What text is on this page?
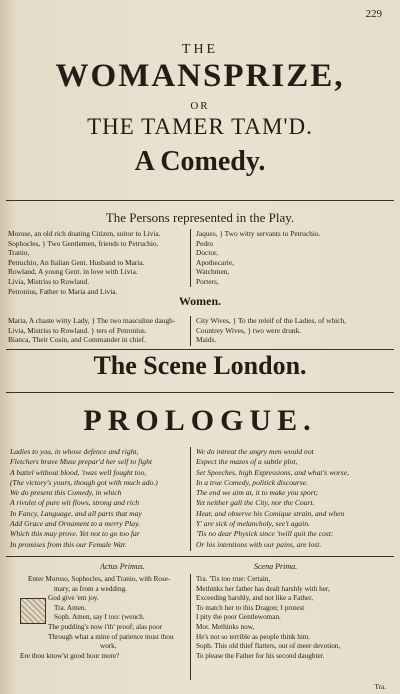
229
THE
WOMANSPRIZE,
OR
THE TAMER TAM'D.
A Comedy.
The Persons represented in the Play.
Morose, an old rich doating Citizen, suitor to Livia.
Sophocles, } Two Gentlemen, friends to Petruchio.
Tranio,
Petruchio, An Italian Gent. Husband to Maria.
Rowland, A young Gent. in love with Livia.
Livia, Mistriss to Rowland.
Petronius, Father to Maria and Livia.
Jaques, } Two witty servants to Petruchio.
Pedro
Doctor,
Apothecarie,
Watchmen,
Porters,
Women.
Maria, A chaste witty Lady, } The two masculine daugh-
Livia, Mistriss to Rowland. } ters of Petronius.
Bianca, Their Cosin, and Commander in chief.
City Wives, } To the releif of the Ladies, of which,
Countrey Wives, } two were drunk.
Maids.
The Scene London.
PROLOGUE.
Ladies to you, in whose defence and right,
Fletchers brave Muse prepar'd her self to fight
A battel without blood, 'twas well fought too,
(The victory's yours, though got with much ado.)
We do present this Comedy, in which
A rivulet of pure wit flows, strong and rich
In Fancy, Language, and all parts that may
Add Grace and Ornament to a merry Play.
Which this may prove. Yet not to go too far
In promises from this our Female War.
We do intreat the angry men would not
Expect the mazes of a subtle plot,
Set Speeches, high Expressions, and what's worse,
In a true Comedy, politick discourse.
The end we aim at, it to make you sport;
Yet neither gall the City, nor the Court.
Hear, and observe his Comique strain, and when
Y' are sick of melancholy, see't again.
'Tis no dear Physick since 'twill quit the cost:
Or his intentions with our pains, are lost.
Actus Primus.	Scena Prima.
Enter Moroso, Sophocles, and Tranio, with Rose-
mary, as from a wedding.
God give 'em joy.
Tra. Amen.
Soph. Amen, say I too: (wench.
The pudding's now i'th' proof; alas poor
Through what a mine of patience must thou
work,
Ere thou know'st good hour more?
Tra. 'Tis too true: Certain,
Methinks her father has dealt harshly with her,
Exceeding harshly, and not like a Father,
To match her to this Dragon; I protest
I pity the poor Gentlewoman.
Mor. Methinks now,
He's not so terrible as people think him.
Soph. This old thief flatters, out of meer devotion,
To please the Father for his second daughter.
Tra.
